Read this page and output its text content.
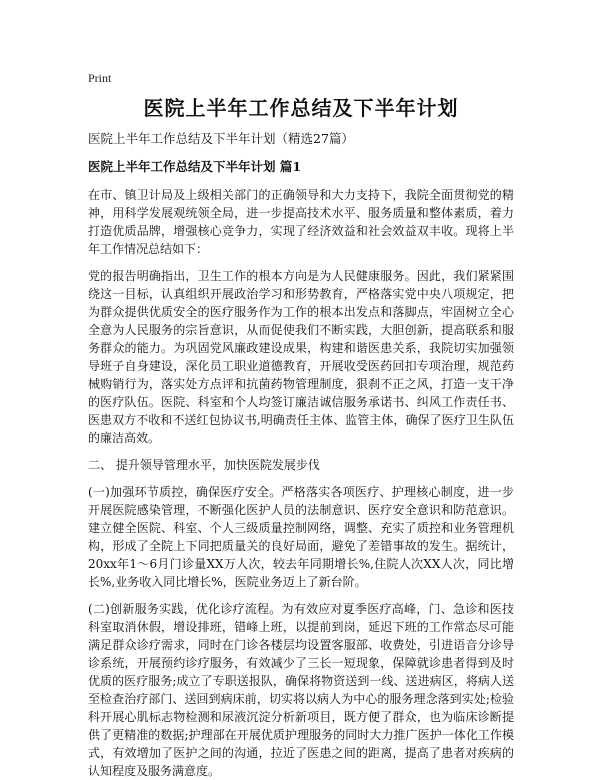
Print
医院上半年工作总结及下半年计划
医院上半年工作总结及下半年计划（精选27篇）
医院上半年工作总结及下半年计划 篇1

在市、镇卫计局及上级相关部门的正确领导和大力支持下，我院全面贯彻党的精神，用科学发展观统领全局，进一步提高技术水平、服务质量和整体素质，着力打造优质品牌，增强核心竞争力，实现了经济效益和社会效益双丰收。现将上半年工作情况总结如下：

党的报告明确指出，卫生工作的根本方向是为人民健康服务。因此，我们紧紧围绕这一目标，认真组织开展政治学习和形势教育，严格落实党中央八项规定，把为群众提供优质安全的医疗服务作为工作的根本出发点和落脚点，牢固树立全心全意为人民服务的宗旨意识，从而促使我们不断实践，大胆创新，提高联系和服务群众的能力。为巩固党风廉政建设成果，构建和谐医患关系，我院切实加强领导班子自身建设，深化员工职业道德教育，开展收受医药回扣专项治理，规范药械购销行为，落实处方点评和抗菌药物管理制度，狠刹不正之风，打造一支干净的医疗队伍。医院、科室和个人均签订廉洁诚信服务承诺书、纠风工作责任书、医患双方不收和不送红包协议书,明确责任主体、监管主体，确保了医疗卫生队伍的廉洁高效。

二、 提升领导管理水平，加快医院发展步伐

(一)加强环节质控，确保医疗安全。严格落实各项医疗、护理核心制度，进一步开展医院感染管理，不断强化医护人员的法制意识、医疗安全意识和防范意识。建立健全医院、科室、个人三级质量控制网络，调整、充实了质控和业务管理机构，形成了全院上下同把质量关的良好局面，避免了差错事故的发生。据统计，20xx年1～6月门诊量XX万人次，较去年同期增长%,住院人次XX人次，同比增长%,业务收入同比增长%，医院业务迈上了新台阶。

(二)创新服务实践，优化诊疗流程。为有效应对夏季医疗高峰，门、急诊和医技科室取消休假，增设排班，错峰上班，以提前到岗，延迟下班的工作常态尽可能满足群众诊疗需求，同时在门诊各楼层均设置客服部、收费处，引进语音分诊导诊系统，开展预约诊疗服务，有效减少了三长一短现象，保障就诊患者得到及时优质的医疗服务;成立了专职送报队，确保将物资送到一线、送进病区，将病人送至检查治疗部门、送回到病床前，切实将以病人为中心的服务理念落到实处;检验科开展心肌标志物检测和尿液沉淀分析新项目，既方便了群众，也为临床诊断提供了更精准的数据;护理部在开展优质护理服务的同时大力推广医护一体化工作模式，有效增加了医护之间的沟通，拉近了医患之间的距离，提高了患者对疾病的认知程度及服务满意度。
